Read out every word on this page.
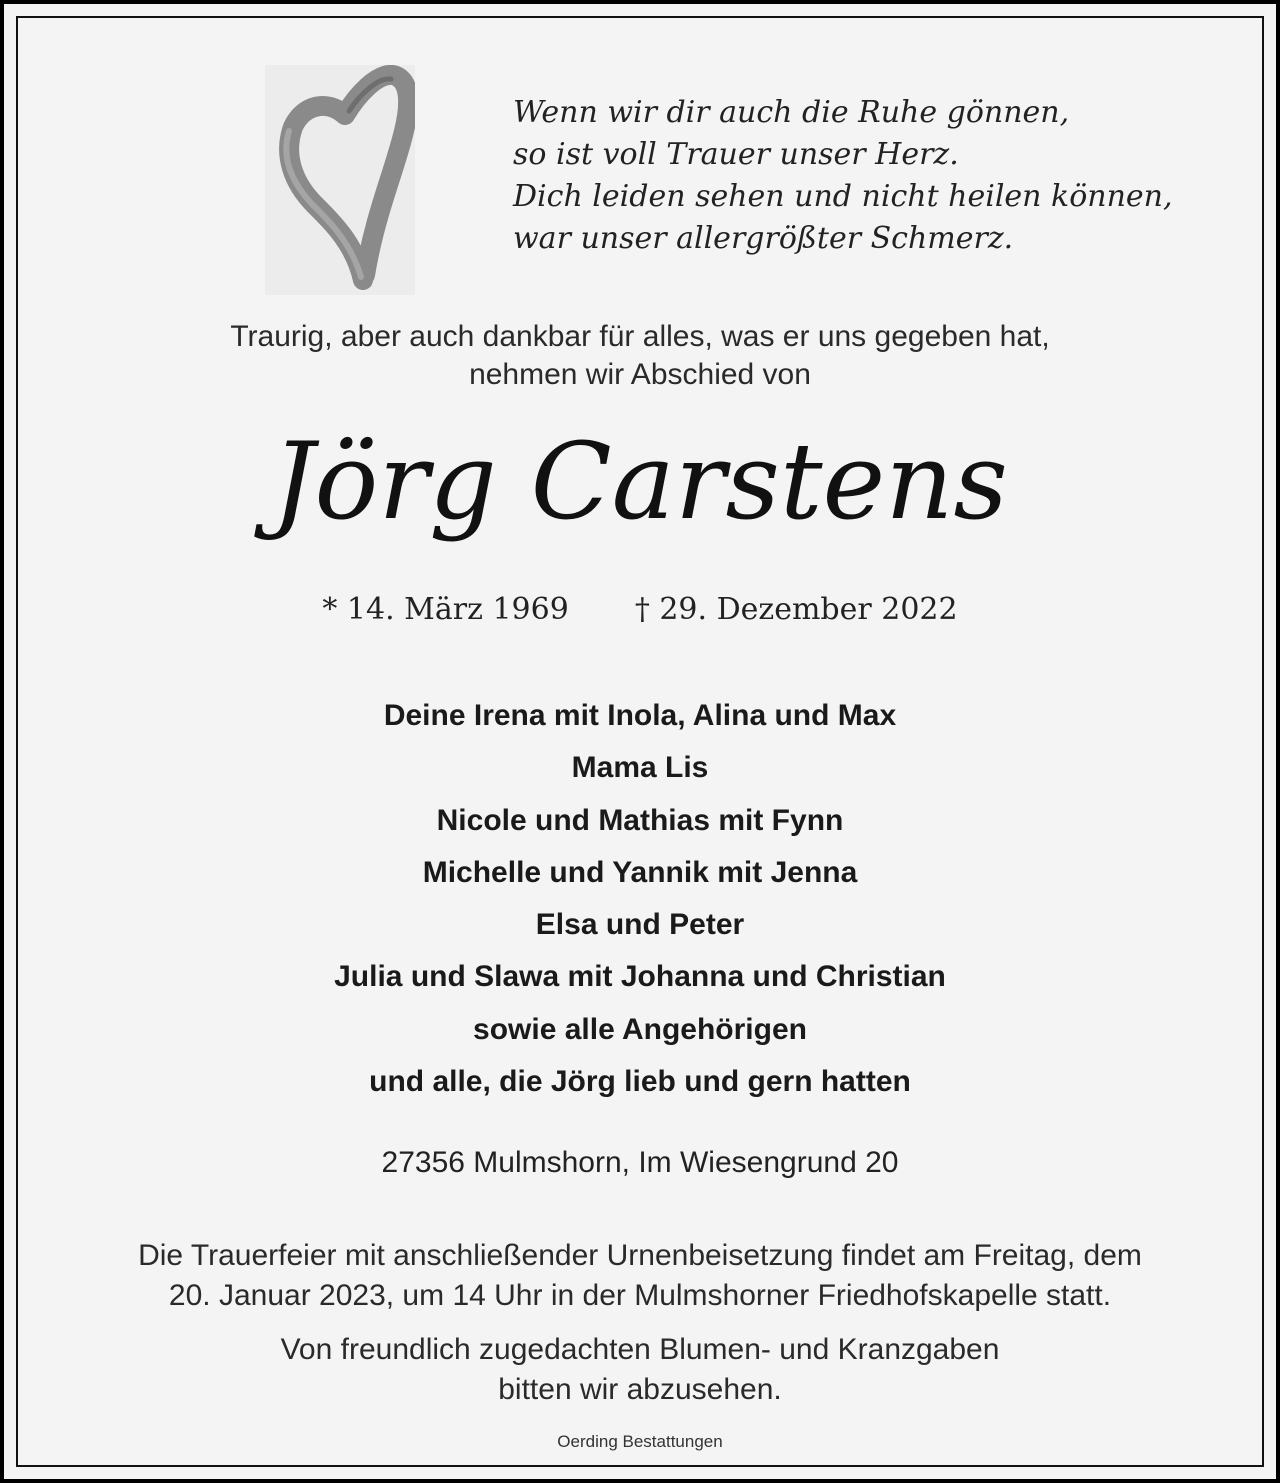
Wenn wir dir auch die Ruhe gönnen,
so ist voll Trauer unser Herz.
Dich leiden sehen und nicht heilen können,
war unser allergrößter Schmerz.
Traurig, aber auch dankbar für alles, was er uns gegeben hat,
nehmen wir Abschied von
Jörg Carstens
* 14. März 1969 † 29. Dezember 2022
Deine Irena mit Inola, Alina und Max
Mama Lis
Nicole und Mathias mit Fynn
Michelle und Yannik mit Jenna
Elsa und Peter
Julia und Slawa mit Johanna und Christian
sowie alle Angehörigen
und alle, die Jörg lieb und gern hatten
27356 Mulmshorn, Im Wiesengrund 20
Die Trauerfeier mit anschließender Urnenbeisetzung findet am Freitag, dem
20. Januar 2023, um 14 Uhr in der Mulmshorner Friedhofskapelle statt.
Von freundlich zugedachten Blumen- und Kranzgaben
bitten wir abzusehen.
Oerding Bestattungen
